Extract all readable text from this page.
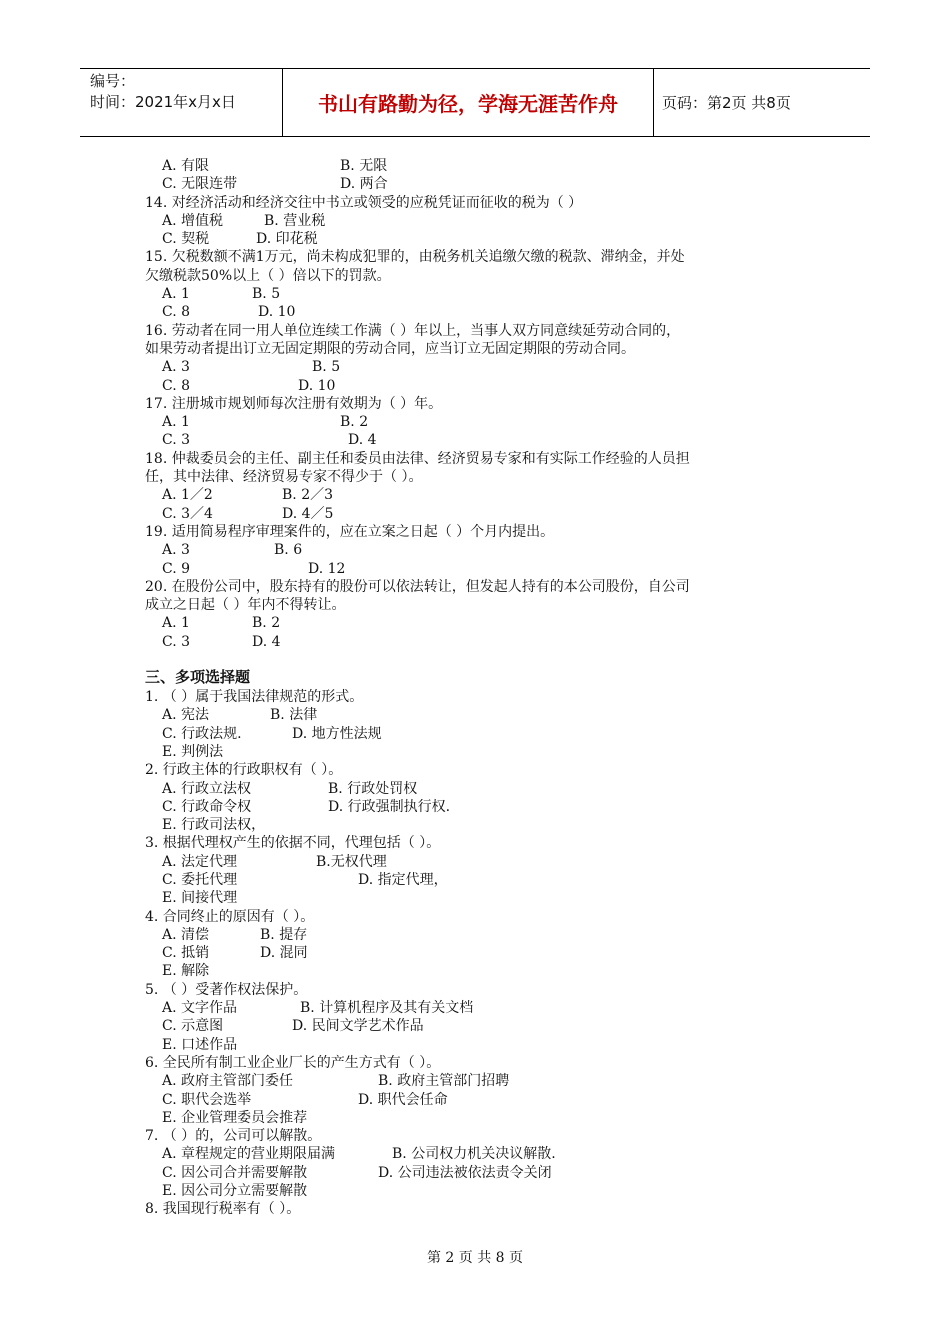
编号：
时间：2021年x月x日	书山有路勤为径，学海无涯苦作舟	页码：第2页 共8页
A. 有限	B. 无限
C. 无限连带	D. 两合
14. 对经济活动和经济交往中书立或领受的应税凭证而征收的税为（ ）
A. 增值税	B. 营业税
C. 契税	D. 印花税
15. 欠税数额不满1万元，尚未构成犯罪的，由税务机关追缴欠缴的税款、滞纳金，并处
欠缴税款50%以上（ ）倍以下的罚款。
A. 1	B. 5
C. 8	D. 10
16. 劳动者在同一用人单位连续工作满（ ）年以上，当事人双方同意续延劳动合同的，
如果劳动者提出订立无固定期限的劳动合同，应当订立无固定期限的劳动合同。
A. 3	B. 5
C. 8	D. 10
17. 注册城市规划师每次注册有效期为（ ）年。
A. 1	B. 2
C. 3	D. 4
18. 仲裁委员会的主任、副主任和委员由法律、经济贸易专家和有实际工作经验的人员担
任，其中法律、经济贸易专家不得少于（ ）。
A. 1／2	B. 2／3
C. 3／4	D. 4／5
19. 适用简易程序审理案件的，应在立案之日起（ ）个月内提出。
A. 3	B. 6
C. 9	D. 12
20. 在股份公司中，股东持有的股份可以依法转让，但发起人持有的本公司股份，自公司
成立之日起（ ）年内不得转让。
A. 1	B. 2
C. 3	D. 4
三、多项选择题
1. （ ）属于我国法律规范的形式。
A. 宪法	B. 法律
C. 行政法规.	D. 地方性法规
E. 判例法
2. 行政主体的行政职权有（ ）。
A. 行政立法权	B. 行政处罚权
C. 行政命令权	D. 行政强制执行权.
E. 行政司法权，
3. 根据代理权产生的依据不同，代理包括（ ）。
A. 法定代理	B.无权代理
C. 委托代理	D. 指定代理，
E. 间接代理
4. 合同终止的原因有（ ）。
A. 清偿	B. 提存
C. 抵销	D. 混同
E. 解除
5. （ ）受著作权法保护。
A. 文字作品	B. 计算机程序及其有关文档
C. 示意图	D. 民间文学艺术作品
E. 口述作品
6. 全民所有制工业企业厂长的产生方式有（ ）。
A. 政府主管部门委任	B. 政府主管部门招聘
C. 职代会选举	D. 职代会任命
E. 企业管理委员会推荐
7. （ ）的，公司可以解散。
A. 章程规定的营业期限届满	B. 公司权力机关决议解散.
C. 因公司合并需要解散	D. 公司违法被依法责令关闭
E. 因公司分立需要解散
8. 我国现行税率有（ ）。
第 2 页 共 8 页
